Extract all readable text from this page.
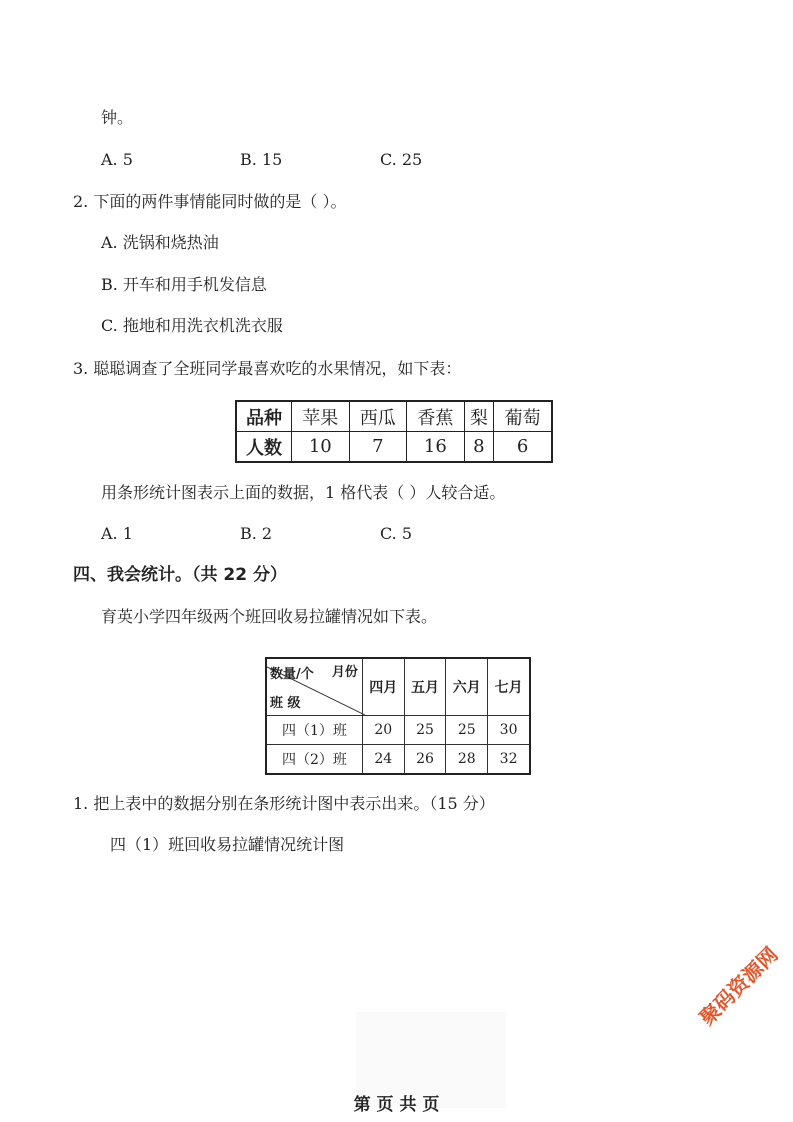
钟。
A. 5	B. 15	C. 25
2. 下面的两件事情能同时做的是（ ）。
A. 洗锅和烧热油
B. 开车和用手机发信息
C. 拖地和用洗衣机洗衣服
3. 聪聪调查了全班同学最喜欢吃的水果情况，如下表：
品种	苹果	西瓜	香蕉	梨	葡萄
人数	10	7	16	8	6
用条形统计图表示上面的数据，1 格代表（ ）人较合适。
A. 1	B. 2	C. 5
四、我会统计。（共 22 分）
育英小学四年级两个班回收易拉罐情况如下表。
数量/个 月份
班 级	四月	五月	六月	七月
四（1）班	20	25	25	30
四（2）班	24	26	28	32
1. 把上表中的数据分别在条形统计图中表示出来。（15 分）
四（1）班回收易拉罐情况统计图
第 页 共 页
聚码资源网
